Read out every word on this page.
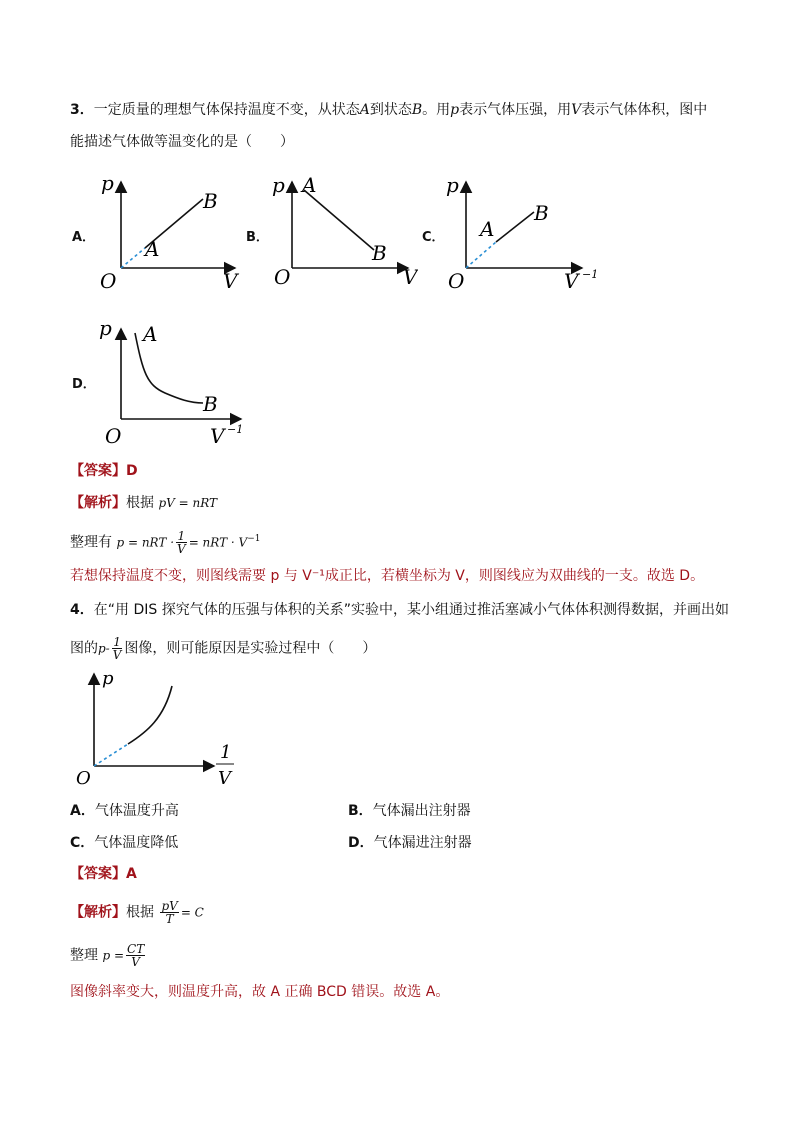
3．一定质量的理想气体保持温度不变，从状态A到状态B。用p表示气体压强，用V表示气体体积，图中
能描述气体做等温变化的是（　　）
A．	B．	C．
D．
p
B
A
O	V
p A
B
O	V
p
A
B
O	V −1
p A
B
O	V −1
【答案】D
【解析】根据 pV = nRT
整理有 p = nRT · $\frac{1}{V}$ = nRT · $V^{-1}$
若想保持温度不变，则图线需要 p 与 V⁻¹成正比，若横坐标为 V，则图线应为双曲线的一支。故选 D。
4．在“用 DIS 探究气体的压强与体积的关系”实验中，某小组通过推活塞减小气体体积测得数据，并画出如
图的$p- \frac{1}{V}$ 图像，则可能原因是实验过程中（　　）
p
O
1
V
A．气体温度升高	B．气体漏出注射器
C．气体温度降低	D．气体漏进注射器
【答案】A
【解析】根据 $\frac{pV}{T} = C$
整理 $p = \frac{CT}{V}$
图像斜率变大，则温度升高，故 A 正确 BCD 错误。故选 A。
